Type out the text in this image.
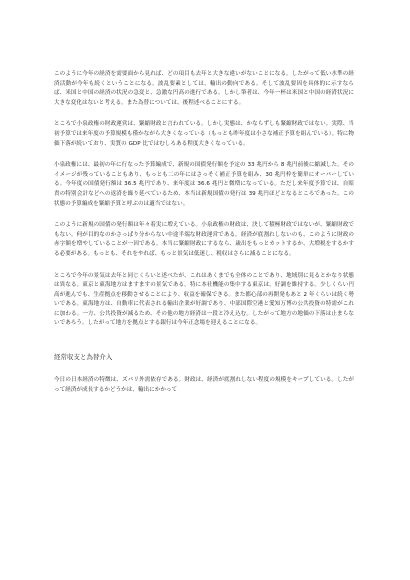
このように今年の経済を需要面から見れば、どの項目も去年と大きな違いがないことになる。したがって低い水準の経済活動が今年も続くということになる。波乱要素としては、輸出の動向である。そして波乱要因を具体的に示すならば、米国と中国の経済の状況の急変と、急激な円高の進行である。しかし筆者は、今年一杯は米国と中国の経済状況に大きな変化はないと考える。また為替については、後程述べることにする。

ところで小泉政権の財政運営は、緊縮財政と言われている。しかし実態は、かならずしも緊縮財政ではない。実際、当初予算では来年度の予算規模も僅かながら大きくなっている（もっとも昨年度は小さな補正予算を組んでいる）。特に物価下落が続いており、実質の GDP 比ではむしろある程度大きくなっている。

小泉政権には、最初の年に行なった予算編成で、新規の国債発行額を予定の 33 兆円から 8 兆円前後に縮減した。そのイメージが残っていることもあり、もっとも二の年にはさっそく補正予算を組み、30 兆円枠を簡単にオーバーしている。今年度の国債発行額は 36.5 兆円であり、来年度は 36.6 兆円と微増になっている。ただし来年度予算では、自賠責の特別会計などへの返済を繰り延べているため、本当は新規国債の発行は 39 兆円ほどとなるところであった。この状態の予算編成を緊縮予算と呼ぶのは適当ではない。

このように新規の国債の発行額は年々着実に増えている。小泉政権の財政は、決して積極財政ではないが、緊縮財政でもない。何が目的なのかさっぱり分からない中途半端な財政運営である。経済が底割れしないのも、このように財政の赤字額を増やしていることが一因である。本当に緊縮財政にするなら、歳出をもっとカットするか、大増税をするかする必要がある。もっとも、それをやれば、もっと景気は低迷し、税収はさらに減ることになる。

ところで今年の景気は去年と同じくらいと述べたが、これはあくまでも全体のことであり、地域別に見るとかなり状態は異なる。東京と東海地方はますますの景気である。特に本社機能の集中する東京は、好調を維持する。少しくらい円高が進んでも、生産拠点を移動させることにより、収益を確保できる。また都心部の再開発もあと 2 年くらいは続く勢いである。東海地方は、自動車に代表される輸出企業が好調であり、中部国際空港と愛知万博の公共投資の特需がこれに加わる。一方、公共投資が減るため、その他の地方経済は一段と冷え込む。したがって地方の地価の下落は止まらないであろう。したがって地方を拠点とする銀行は今年正念場を迎えることになる。

経常収支と為替介入

今日の日本経済の特徴は、ズバリ外需依存である。財政は、経済が底割れしない程度の規模をキープしている。したがって経済が成長するかどうかは、輸出にかかって
